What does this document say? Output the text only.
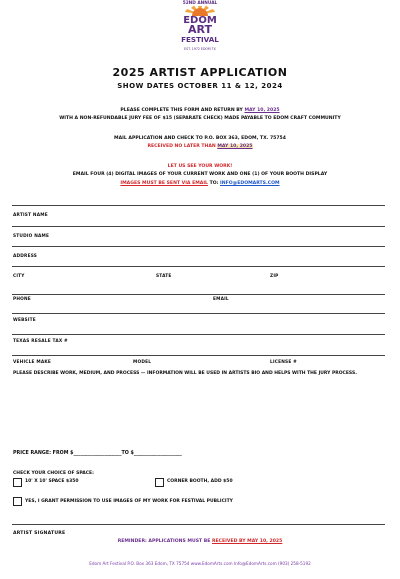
52ND ANNUAL
EDOM
ART
FESTIVAL
EST. 1972 EDOM TX
2025 ARTIST APPLICATION
SHOW DATES OCTOBER 11 & 12, 2024
PLEASE COMPLETE THIS FORM AND RETURN BY MAY 10, 2025
WITH A NON-REFUNDABLE JURY FEE OF $15 (SEPARATE CHECK) MADE PAYABLE TO EDOM CRAFT COMMUNITY
MAIL APPLICATION AND CHECK TO P.O. BOX 363, EDOM, TX. 75754
RECEIVED NO LATER THAN MAY 10, 2025
LET US SEE YOUR WORK!
EMAIL FOUR (4) DIGITAL IMAGES OF YOUR CURRENT WORK AND ONE (1) OF YOUR BOOTH DISPLAY
IMAGES MUST BE SENT VIA EMAIL TO: INFO@EDOMARTS.COM
ARTIST NAME
STUDIO NAME
ADDRESS
CITY	STATE	ZIP
PHONE	EMAIL
WEBSITE
TEXAS RESALE TAX #
VEHICLE MAKE	MODEL	LICENSE #
PLEASE DESCRIBE WORK, MEDIUM, AND PROCESS — INFORMATION WILL BE USED IN ARTISTS BIO AND HELPS WITH THE JURY PROCESS.
PRICE RANGE: FROM $____________________TO $____________________
CHECK YOUR CHOICE OF SPACE:
10' X 10' SPACE $350	CORNER BOOTH, ADD $50
YES, I GRANT PERMISSION TO USE IMAGES OF MY WORK FOR FESTIVAL PUBLICITY
ARTIST SIGNATURE
REMINDER: APPLICATIONS MUST BE RECEIVED BY MAY 10, 2025
Edom Art Festival P.O. Box 363 Edom, TX 75754 www.EdomArts.com Info@EdomArts.com (903) 258-5192
